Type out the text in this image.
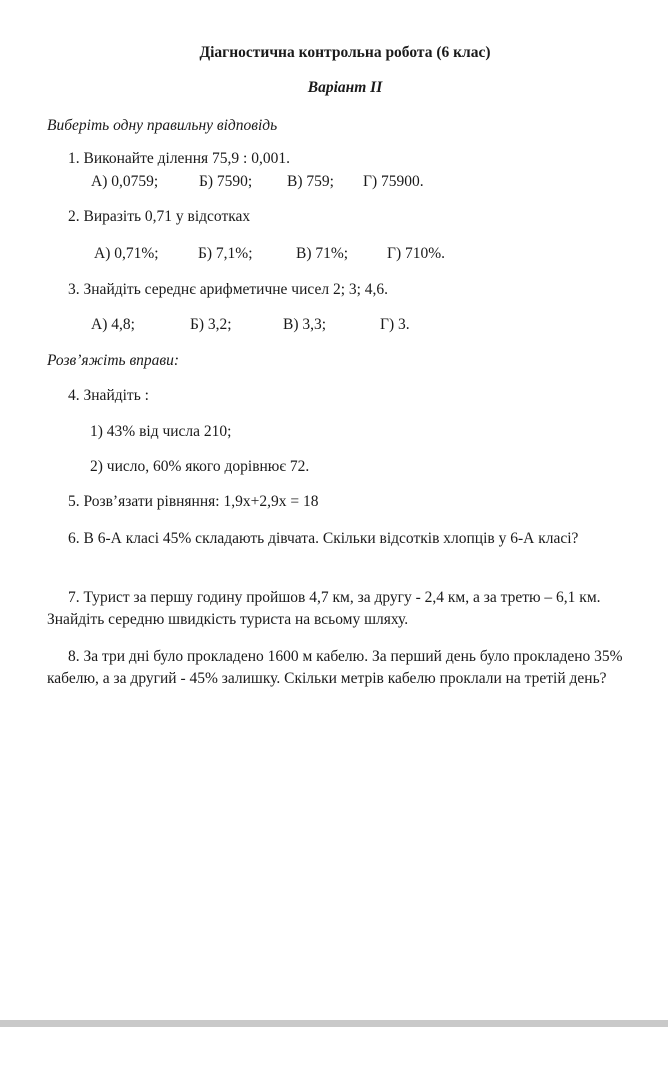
Діагностична контрольна робота (6 клас)
Варіант ІІ
Виберіть одну правильну відповідь
1. Виконайте ділення 75,9 : 0,001.
А) 0,0759;	Б) 7590; В) 759; Г) 75900.
2. Виразіть 0,71 у відсотках
А) 0,71%;	Б) 7,1%;	В) 71%;	Г) 710%.
3. Знайдіть середнє арифметичне чисел 2; 3; 4,6.
А) 4,8;	Б) 3,2;	В) 3,3;	Г) 3.
Розв’яжіть вправи:
4. Знайдіть :
1) 43% від числа 210;
2) число, 60% якого дорівнює 72.
5. Розв’язати рівняння: 1,9х+2,9х = 18
6. В 6-А класі 45% складають дівчата. Скільки відсотків хлопців у 6-А класі?
7. Турист за першу годину пройшов 4,7 км, за другу - 2,4 км, а за третю – 6,1 км. Знайдіть середню швидкість туриста на всьому шляху.
8. За три дні було прокладено 1600 м кабелю. За перший день було прокладено 35% кабелю, а за другий - 45% залишку. Скільки метрів кабелю проклали на третій день?
